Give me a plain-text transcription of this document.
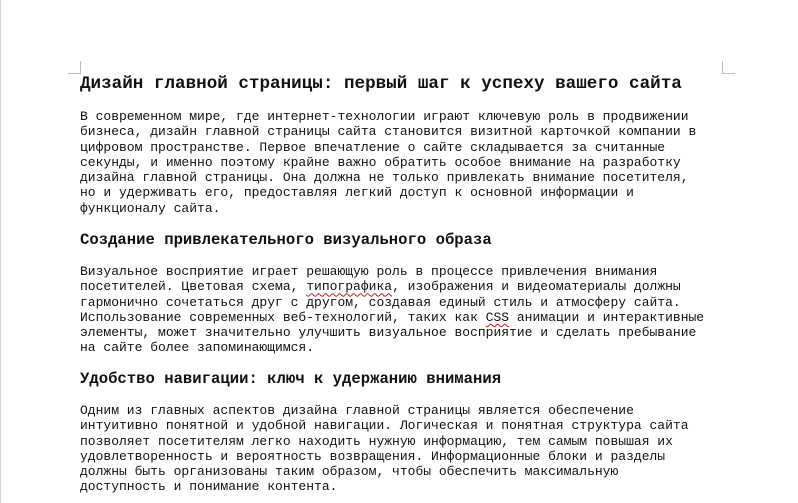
Дизайн главной страницы: первый шаг к успеху вашего сайта
В современном мире, где интернет-технологии играют ключевую роль в продвижении
бизнеса, дизайн главной страницы сайта становится визитной карточкой компании в
цифровом пространстве. Первое впечатление о сайте складывается за считанные
секунды, и именно поэтому крайне важно обратить особое внимание на разработку
дизайна главной страницы. Она должна не только привлекать внимание посетителя,
но и удерживать его, предоставляя легкий доступ к основной информации и
функционалу сайта.
Создание привлекательного визуального образа
Визуальное восприятие играет решающую роль в процессе привлечения внимания
посетителей. Цветовая схема, типографика, изображения и видеоматериалы должны
гармонично сочетаться друг с другом, создавая единый стиль и атмосферу сайта.
Использование современных веб-технологий, таких как CSS анимации и интерактивные
элементы, может значительно улучшить визуальное восприятие и сделать пребывание
на сайте более запоминающимся.
Удобство навигации: ключ к удержанию внимания
Одним из главных аспектов дизайна главной страницы является обеспечение
интуитивно понятной и удобной навигации. Логическая и понятная структура сайта
позволяет посетителям легко находить нужную информацию, тем самым повышая их
удовлетворенность и вероятность возвращения. Информационные блоки и разделы
должны быть организованы таким образом, чтобы обеспечить максимальную
доступность и понимание контента.
